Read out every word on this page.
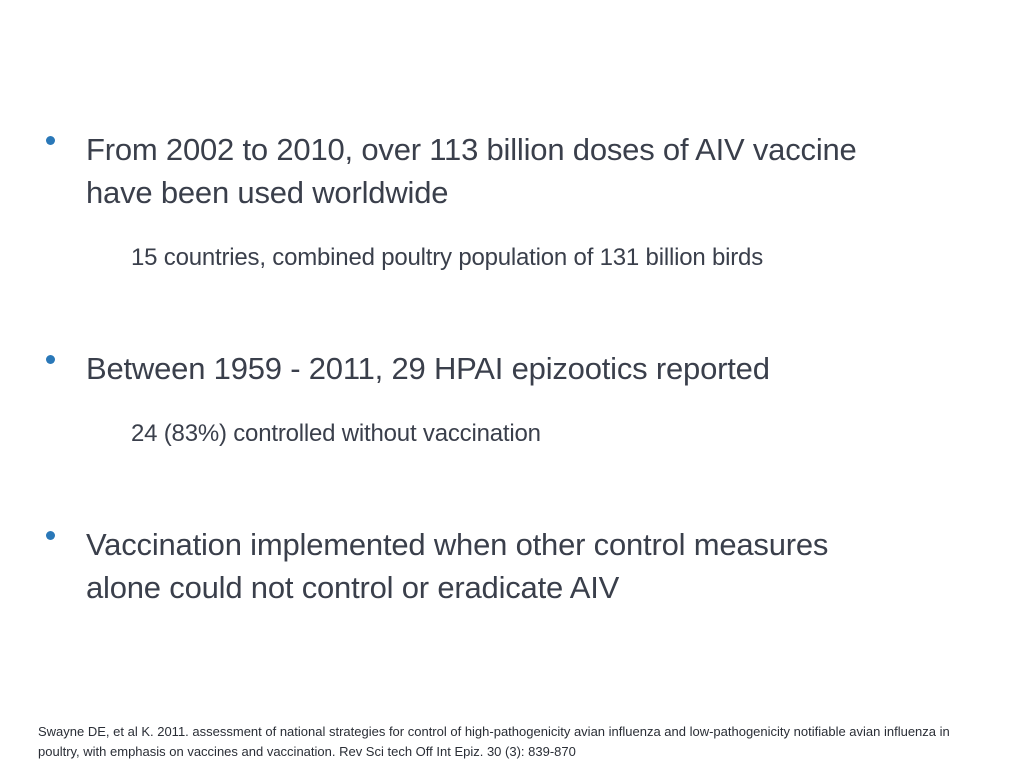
From 2002 to 2010, over 113 billion doses of AIV vaccine
have been used worldwide
15 countries, combined poultry population of 131 billion birds
Between 1959 - 2011, 29 HPAI epizootics reported
24 (83%) controlled without vaccination
Vaccination implemented when other control measures
alone could not control or eradicate AIV
Swayne DE, et al K. 2011. assessment of national strategies for control of high-pathogenicity avian influenza and low-pathogenicity notifiable avian influenza in poultry, with emphasis on vaccines and vaccination. Rev Sci tech Off Int Epiz. 30 (3): 839-870
